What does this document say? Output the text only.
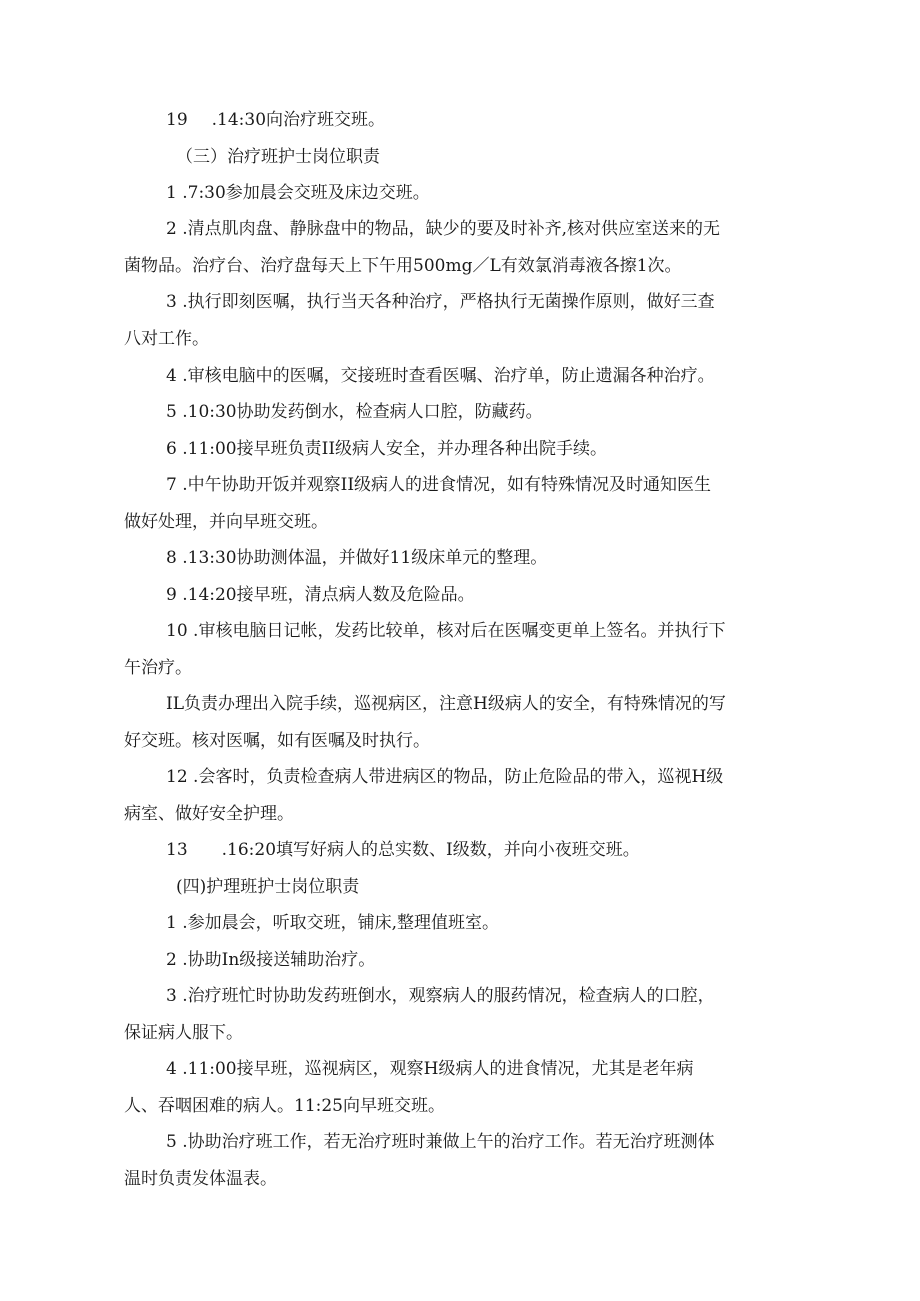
19 .14:30向治疗班交班。

（三）治疗班护士岗位职责

1 .7:30参加晨会交班及床边交班。

2 .清点肌肉盘、静脉盘中的物品，缺少的要及时补齐,核对供应室送来的无

菌物品。治疗台、治疗盘每天上下午用500mg／L有效氯消毒液各擦1次。

3 .执行即刻医嘱，执行当天各种治疗，严格执行无菌操作原则，做好三查

八对工作。

4 .审核电脑中的医嘱，交接班时查看医嘱、治疗单，防止遗漏各种治疗。

5 .10:30协助发药倒水，检查病人口腔，防藏药。

6 .11:00接早班负责II级病人安全，并办理各种出院手续。

7 .中午协助开饭并观察II级病人的进食情况，如有特殊情况及时通知医生

做好处理，并向早班交班。

8 .13:30协助测体温，并做好11级床单元的整理。

9 .14:20接早班，清点病人数及危险品。

10 .审核电脑日记帐，发药比较单，核对后在医嘱变更单上签名。并执行下

午治疗。

IL负责办理出入院手续，巡视病区，注意H级病人的安全，有特殊情况的写

好交班。核对医嘱，如有医嘱及时执行。

12 .会客时，负责检查病人带进病区的物品，防止危险品的带入，巡视H级

病室、做好安全护理。

13 .16:20填写好病人的总实数、I级数，并向小夜班交班。

(四)护理班护士岗位职责

1 .参加晨会，听取交班，铺床,整理值班室。

2 .协助In级接送辅助治疗。

3 .治疗班忙时协助发药班倒水，观察病人的服药情况，检查病人的口腔，

保证病人服下。

4 .11:00接早班，巡视病区，观察H级病人的进食情况，尤其是老年病

人、吞咽困难的病人。11:25向早班交班。

5 .协助治疗班工作，若无治疗班时兼做上午的治疗工作。若无治疗班测体

温时负责发体温表。
